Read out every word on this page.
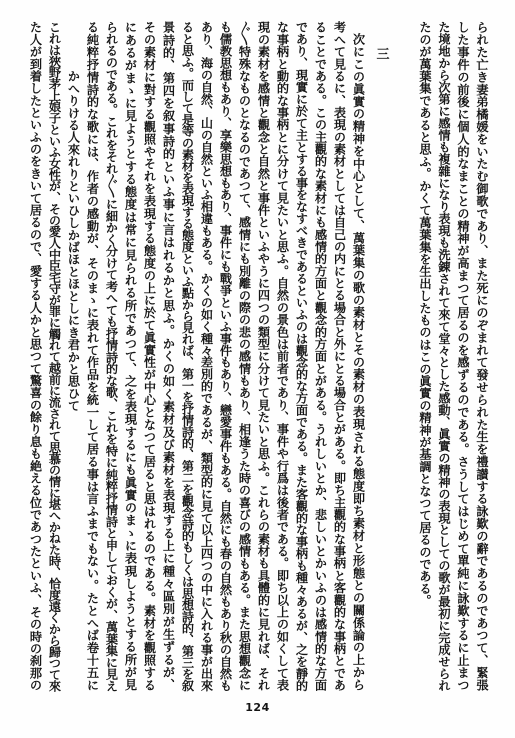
られた亡き妻弟橘媛をいたむ御歌であり、また死にのぞまれて發せられた生を禮讃する詠歎の辭であるのであつて、緊張
した事件の前後に個人的なまことの精神が高まつて居るのを感ずるのである。さうしてはじめて單純に詠歎するに止まつ
た境地から次第に感情も複雜になり表現も洗錬されて來て堂々とした感動、眞實の精神の表現としての歌が最初に完成せられ
たのが萬葉集であると思ふ。かくて萬葉集を生出したものはこの眞實の精神が基調となつて居るのである。
三
次にこの眞實の精神を中心として、萬葉集の歌の素材とその素材の表現される態度即ち素材と形態との關係論の上から
考へて見るに、表現の素材としては自己の内にとる場合と外にとる場合とがある。即ち主觀的な事柄と客觀的な事柄とであ
ることである。この主觀的な素材にも感情的方面と觀念的方面とがある。うれしいとか、悲しいとかいふのは感情的な方面
であり、現實に於て主とする事をなすべきであるといふのは觀念的な方面である。また客觀的な事柄も種々あるが、之を靜的
な事柄と動的な事柄とに分けて見たいと思ふ。自然の景色は前者であり、事件や行爲は後者である。即ち以上の如くして表
現の素材を感情と觀念と自然と事件といふやうに四つの類型に分けて見たいと思ふ。これらの素材も具體的に見れば、それ
〴〵特殊なものとなるのであつて、感情にも別離の際の悲の感情もあり、相逢うた時の喜びの感情もある。また思想觀念に
も儒教思想もあり、享樂思想もあり、事件にも戰爭といふ事件もあり、戀愛事件もある。自然にも春の自然もあり秋の自然も
あり、海の自然、山の自然といふ相違もある。かくの如く種々差別的であるが、類型的に見て以上四つの中に入れる事が出來
ると思ふ。而して是等の素材を表現する態度といふ點から見れば、第一を抒情詩的、第二を觀念詩的もしくは思想詩的、第三を叙
景詩的、第四を叙事詩的といふ事に言はれるかと思ふ。かくの如く素材及び素材を表現する上に種々區別が生ずるが、
その素材に對する觀照やそれを表現する態度の上に於て眞實性が中心となつて居ると思はれるのである。素材を觀照する
にあるがまゝに見ようとする態度は常に見られる所であつて、之を表現するにも眞實のまゝに表現しようとする所が見
られるのである。これをそれ〴〵に細かく分けて考へても抒情詩的な歌、これを特に純粹抒情詩と申しておくが、萬葉集に見え
る純粹抒情詩的な歌には、作者の感動が、そのまゝに表れて作品を統一して居る事は言ふまでもない。たとへば卷十五に
かへりける人來れりといひしかばほとほとしにき君かと思ひて
これは狹野茅上娘子といふ女性が、その愛人中臣宅守が罪に觸れて越前に流されて思慕の情に堪へかねた時、恰度遠くから歸つて來
た人が到着したといふのをきいて居るので、愛する人かと思つて驚喜の餘り息も絶える位であつたといふ、その時の刹那の
124
